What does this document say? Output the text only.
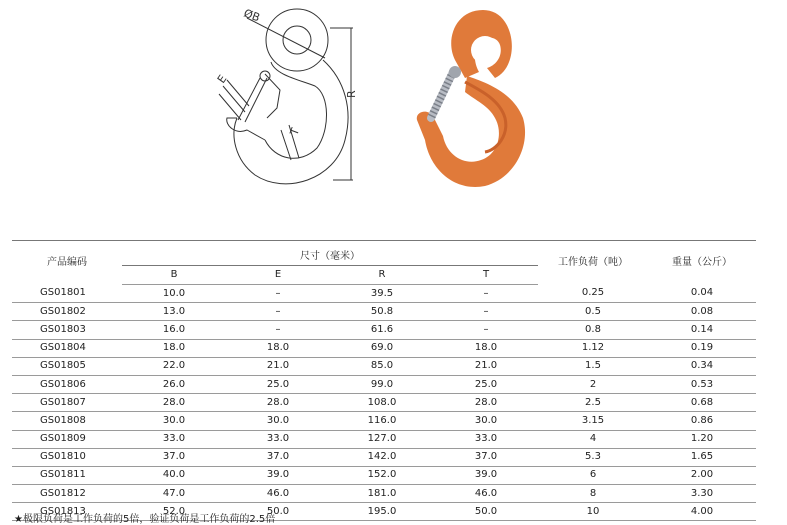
ØB
E
R
T
产品编码	尺寸（毫米）				工作负荷（吨）	重量（公斤）
	B	E	R	T		
GS01801	10.0	–	39.5	–	0.25	0.04
GS01802	13.0	–	50.8	–	0.5	0.08
GS01803	16.0	–	61.6	–	0.8	0.14
GS01804	18.0	18.0	69.0	18.0	1.12	0.19
GS01805	22.0	21.0	85.0	21.0	1.5	0.34
GS01806	26.0	25.0	99.0	25.0	2	0.53
GS01807	28.0	28.0	108.0	28.0	2.5	0.68
GS01808	30.0	30.0	116.0	30.0	3.15	0.86
GS01809	33.0	33.0	127.0	33.0	4	1.20
GS01810	37.0	37.0	142.0	37.0	5.3	1.65
GS01811	40.0	39.0	152.0	39.0	6	2.00
GS01812	47.0	46.0	181.0	46.0	8	3.30
GS01813	52.0	50.0	195.0	50.0	10	4.00
★极限负荷是工作负荷的5倍，验证负荷是工作负荷的2.5倍
